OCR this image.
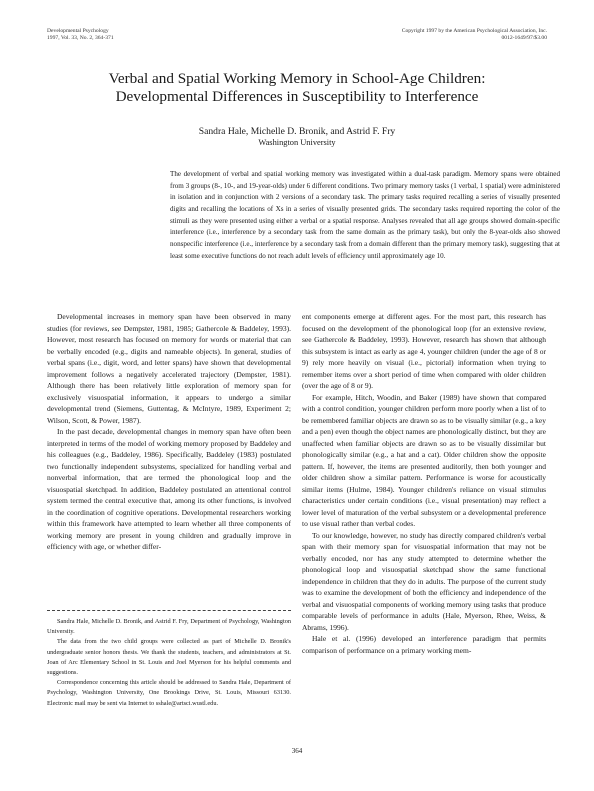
Developmental Psychology
1997, Vol. 33, No. 2, 364-371
Copyright 1997 by the American Psychological Association, Inc.
0012-1649/97/$3.00
Verbal and Spatial Working Memory in School-Age Children:
Developmental Differences in Susceptibility to Interference
Sandra Hale, Michelle D. Bronik, and Astrid F. Fry
Washington University
The development of verbal and spatial working memory was investigated within a dual-task paradigm. Memory spans were obtained from 3 groups (8-, 10-, and 19-year-olds) under 6 different conditions. Two primary memory tasks (1 verbal, 1 spatial) were administered in isolation and in conjunction with 2 versions of a secondary task. The primary tasks required recalling a series of visually presented digits and recalling the locations of Xs in a series of visually presented grids. The secondary tasks required reporting the color of the stimuli as they were presented using either a verbal or a spatial response. Analyses revealed that all age groups showed domain-specific interference (i.e., interference by a secondary task from the same domain as the primary task), but only the 8-year-olds also showed nonspecific interference (i.e., interference by a secondary task from a domain different than the primary memory task), suggesting that at least some executive functions do not reach adult levels of efficiency until approximately age 10.

Developmental increases in memory span have been observed in many studies (for reviews, see Dempster, 1981, 1985; Gathercole & Baddeley, 1993). However, most research has focused on memory for words or material that can be verbally encoded (e.g., digits and nameable objects). In general, studies of verbal spans (i.e., digit, word, and letter spans) have shown that developmental improvement follows a negatively accelerated trajectory (Dempster, 1981). Although there has been relatively little exploration of memory span for exclusively visuospatial information, it appears to undergo a similar developmental trend (Siemens, Guttentag, & McIntyre, 1989, Experiment 2; Wilson, Scott, & Power, 1987).

In the past decade, developmental changes in memory span have often been interpreted in terms of the model of working memory proposed by Baddeley and his colleagues (e.g., Baddeley, 1986). Specifically, Baddeley (1983) postulated two functionally independent subsystems, specialized for handling verbal and nonverbal information, that are termed the phonological loop and the visuospatial sketchpad. In addition, Baddeley postulated an attentional control system termed the central executive that, among its other functions, is involved in the coordination of cognitive operations. Developmental researchers working within this framework have attempted to learn whether all three components of working memory are present in young children and gradually improve in efficiency with age, or whether differ-

ent components emerge at different ages. For the most part, this research has focused on the development of the phonological loop (for an extensive review, see Gathercole & Baddeley, 1993). However, research has shown that although this subsystem is intact as early as age 4, younger children (under the age of 8 or 9) rely more heavily on visual (i.e., pictorial) information when trying to remember items over a short period of time when compared with older children (over the age of 8 or 9).

For example, Hitch, Woodin, and Baker (1989) have shown that compared with a control condition, younger children perform more poorly when a list of to be remembered familiar objects are drawn so as to be visually similar (e.g., a key and a pen) even though the object names are phonologically distinct, but they are unaffected when familiar objects are drawn so as to be visually dissimilar but phonologically similar (e.g., a hat and a cat). Older children show the opposite pattern. If, however, the items are presented auditorily, then both younger and older children show a similar pattern. Performance is worse for acoustically similar items (Hulme, 1984). Younger children's reliance on visual stimulus characteristics under certain conditions (i.e., visual presentation) may reflect a lower level of maturation of the verbal subsystem or a developmental preference to use visual rather than verbal codes.

To our knowledge, however, no study has directly compared children's verbal span with their memory span for visuospatial information that may not be verbally encoded, nor has any study attempted to determine whether the phonological loop and visuospatial sketchpad show the same functional independence in children that they do in adults. The purpose of the current study was to examine the development of both the efficiency and independence of the verbal and visuospatial components of working memory using tasks that produce comparable levels of performance in adults (Hale, Myerson, Rhee, Weiss, & Abrams, 1996).

Hale et al. (1996) developed an interference paradigm that permits comparison of performance on a primary working mem-

Sandra Hale, Michelle D. Bronik, and Astrid F. Fry, Department of Psychology, Washington University.

The data from the two child groups were collected as part of Michelle D. Bronik's undergraduate senior honors thesis. We thank the students, teachers, and administrators at St. Joan of Arc Elementary School in St. Louis and Joel Myerson for his helpful comments and suggestions.

Correspondence concerning this article should be addressed to Sandra Hale, Department of Psychology, Washington University, One Brookings Drive, St. Louis, Missouri 63130. Electronic mail may be sent via Internet to sshale@artsci.wustl.edu.

364
